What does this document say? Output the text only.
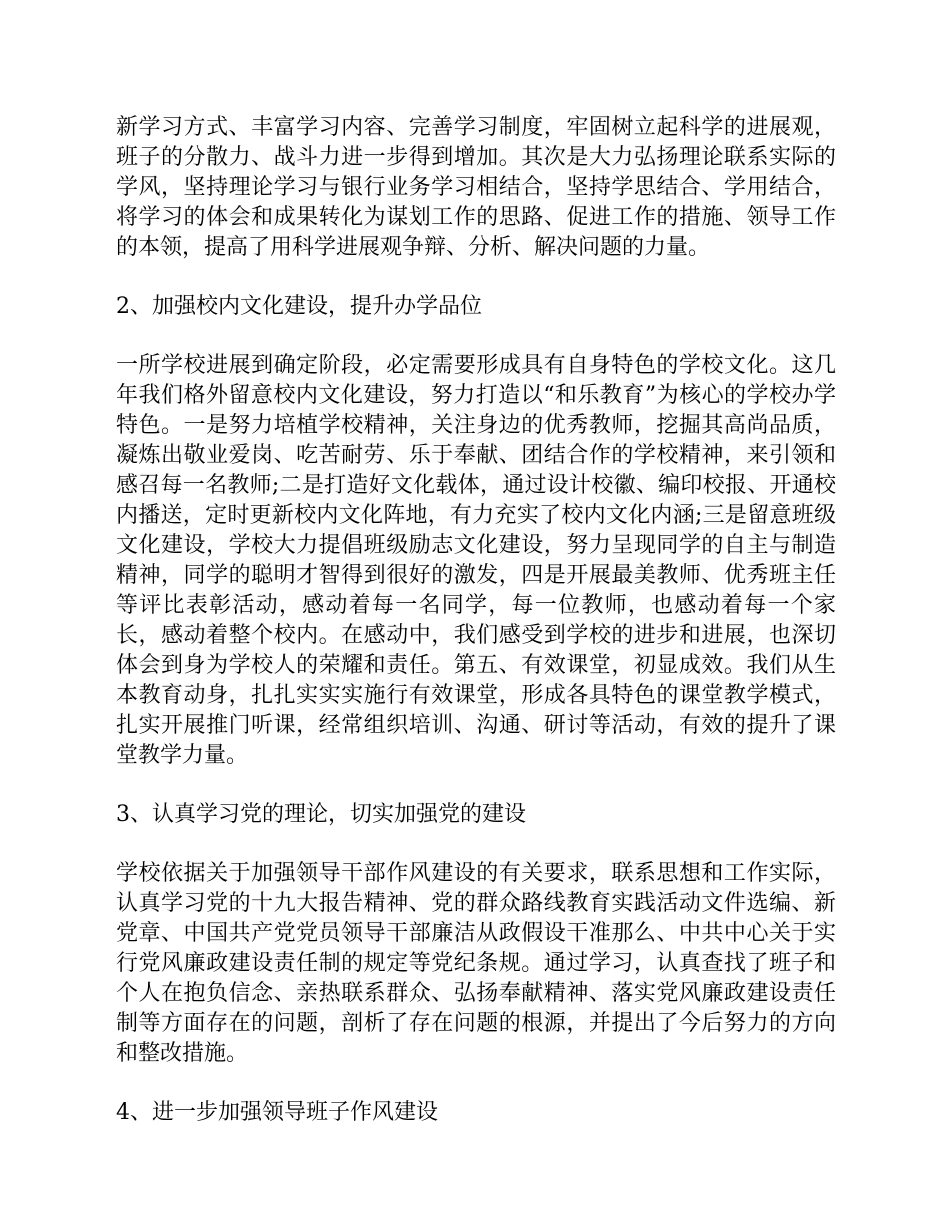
新学习方式、丰富学习内容、完善学习制度，牢固树立起科学的进展观，班子的分散力、战斗力进一步得到增加。其次是大力弘扬理论联系实际的学风，坚持理论学习与银行业务学习相结合，坚持学思结合、学用结合，将学习的体会和成果转化为谋划工作的思路、促进工作的措施、领导工作的本领，提高了用科学进展观争辩、分析、解决问题的力量。

2、加强校内文化建设，提升办学品位

一所学校进展到确定阶段，必定需要形成具有自身特色的学校文化。这几年我们格外留意校内文化建设，努力打造以“和乐教育”为核心的学校办学特色。一是努力培植学校精神，关注身边的优秀教师，挖掘其高尚品质，凝炼出敬业爱岗、吃苦耐劳、乐于奉献、团结合作的学校精神，来引领和感召每一名教师;二是打造好文化载体，通过设计校徽、编印校报、开通校内播送，定时更新校内文化阵地，有力充实了校内文化内涵;三是留意班级文化建设，学校大力提倡班级励志文化建设，努力呈现同学的自主与制造精神，同学的聪明才智得到很好的激发，四是开展最美教师、优秀班主任等评比表彰活动，感动着每一名同学，每一位教师，也感动着每一个家长，感动着整个校内。在感动中，我们感受到学校的进步和进展，也深切体会到身为学校人的荣耀和责任。第五、有效课堂，初显成效。我们从生本教育动身，扎扎实实实施行有效课堂，形成各具特色的课堂教学模式，扎实开展推门听课，经常组织培训、沟通、研讨等活动，有效的提升了课堂教学力量。

3、认真学习党的理论，切实加强党的建设

学校依据关于加强领导干部作风建设的有关要求，联系思想和工作实际，认真学习党的十九大报告精神、党的群众路线教育实践活动文件选编、新党章、中国共产党党员领导干部廉洁从政假设干准那么、中共中心关于实行党风廉政建设责任制的规定等党纪条规。通过学习，认真查找了班子和个人在抱负信念、亲热联系群众、弘扬奉献精神、落实党风廉政建设责任制等方面存在的问题，剖析了存在问题的根源，并提出了今后努力的方向和整改措施。

4、进一步加强领导班子作风建设
